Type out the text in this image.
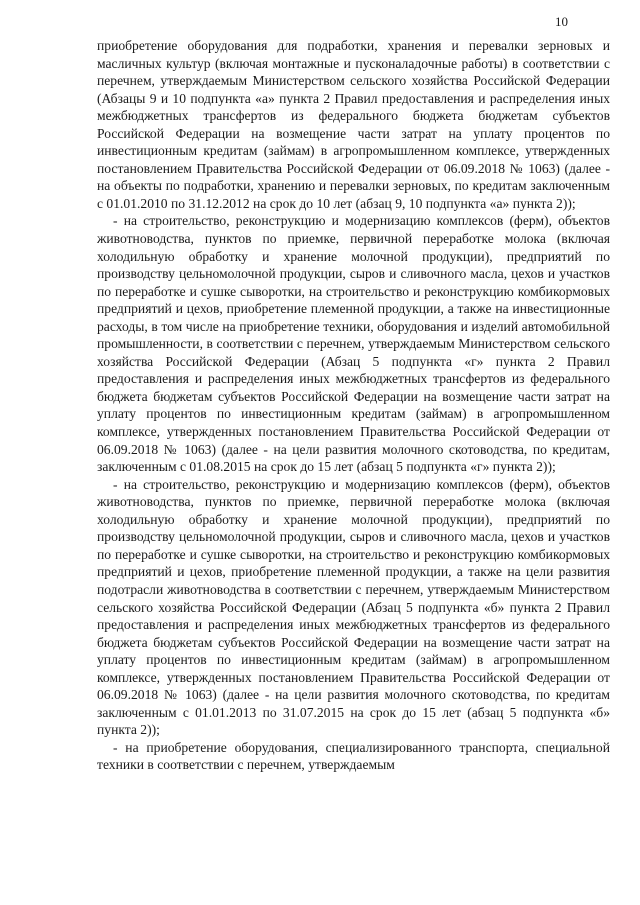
10

приобретение оборудования для подработки, хранения и перевалки зерновых и масличных культур (включая монтажные и пусконаладочные работы) в соответствии с перечнем, утверждаемым Министерством сельского хозяйства Российской Федерации (Абзацы 9 и 10 подпункта «а» пункта 2 Правил предоставления и распределения иных межбюджетных трансфертов из федерального бюджета бюджетам субъектов Российской Федерации на возмещение части затрат на уплату процентов по инвестиционным кредитам (займам) в агропромышленном комплексе, утвержденных постановлением Правительства Российской Федерации от 06.09.2018 № 1063) (далее - на объекты по подработки, хранению и перевалки зерновых, по кредитам заключенным с 01.01.2010 по 31.12.2012 на срок до 10 лет (абзац 9, 10 подпункта «а» пункта 2));

- на строительство, реконструкцию и модернизацию комплексов (ферм), объектов животноводства, пунктов по приемке, первичной переработке молока (включая холодильную обработку и хранение молочной продукции), предприятий по производству цельномолочной продукции, сыров и сливочного масла, цехов и участков по переработке и сушке сыворотки, на строительство и реконструкцию комбикормовых предприятий и цехов, приобретение племенной продукции, а также на инвестиционные расходы, в том числе на приобретение техники, оборудования и изделий автомобильной промышленности, в соответствии с перечнем, утверждаемым Министерством сельского хозяйства Российской Федерации (Абзац 5 подпункта «г» пункта 2 Правил предоставления и распределения иных межбюджетных трансфертов из федерального бюджета бюджетам субъектов Российской Федерации на возмещение части затрат на уплату процентов по инвестиционным кредитам (займам) в агропромышленном комплексе, утвержденных постановлением Правительства Российской Федерации от 06.09.2018 № 1063) (далее - на цели развития молочного скотоводства, по кредитам, заключенным с 01.08.2015 на срок до 15 лет (абзац 5 подпункта «г» пункта 2));

- на строительство, реконструкцию и модернизацию комплексов (ферм), объектов животноводства, пунктов по приемке, первичной переработке молока (включая холодильную обработку и хранение молочной продукции), предприятий по производству цельномолочной продукции, сыров и сливочного масла, цехов и участков по переработке и сушке сыворотки, на строительство и реконструкцию комбикормовых предприятий и цехов, приобретение племенной продукции, а также на цели развития подотрасли животноводства в соответствии с перечнем, утверждаемым Министерством сельского хозяйства Российской Федерации (Абзац 5 подпункта «б» пункта 2 Правил предоставления и распределения иных межбюджетных трансфертов из федерального бюджета бюджетам субъектов Российской Федерации на возмещение части затрат на уплату процентов по инвестиционным кредитам (займам) в агропромышленном комплексе, утвержденных постановлением Правительства Российской Федерации от 06.09.2018 № 1063) (далее - на цели развития молочного скотоводства, по кредитам заключенным с 01.01.2013 по 31.07.2015 на срок до 15 лет (абзац 5 подпункта «б» пункта 2));

- на приобретение оборудования, специализированного транспорта, специальной техники в соответствии с перечнем, утверждаемым
